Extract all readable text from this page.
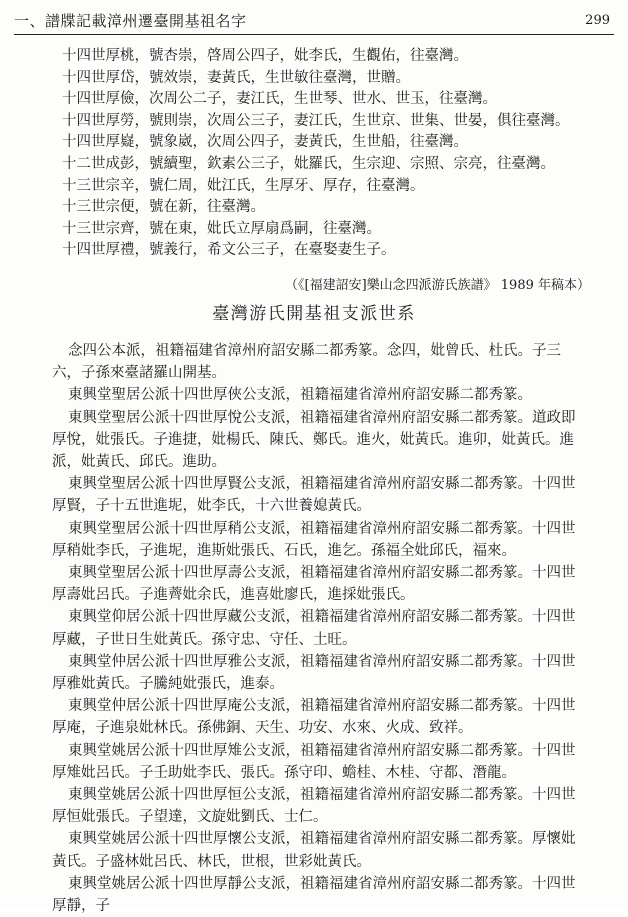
一、譜牒記載漳州遷臺開基祖名字	299
十四世厚桃，號杏崇，啓周公四子，妣李氏，生觀佑，往臺灣。
十四世厚岱，號效崇，妻黃氏，生世敏往臺灣，世贈。
十四世厚儉，次周公二子，妻江氏，生世琴、世水、世玉，往臺灣。
十四世厚勞，號則崇，次周公三子，妻江氏，生世京、世集、世晏，俱往臺灣。
十四世厚嶷，號象崴，次周公四子，妻黃氏，生世船，往臺灣。
十二世成彭，號續聖，欽素公三子，妣羅氏，生宗迎、宗照、宗亮，往臺灣。
十三世宗辛，號仁周，妣江氏，生厚牙、厚存，往臺灣。
十三世宗便，號在新，往臺灣。
十三世宗齊，號在東，妣氏立厚扇爲嗣，往臺灣。
十四世厚禮，號義行，希文公三子，在臺娶妻生子。
（《[福建詔安]樂山念四派游氏族譜》 1989 年稿本）
臺灣游氏開基祖支派世系

念四公本派，祖籍福建省漳州府詔安縣二都秀篆。念四，妣曾氏、杜氏。子三六，子孫來臺諸羅山開基。

東興堂聖居公派十四世厚俠公支派，祖籍福建省漳州府詔安縣二都秀篆。

東興堂聖居公派十四世厚悅公支派，祖籍福建省漳州府詔安縣二都秀篆。道政即厚悅，妣張氏。子進捷，妣楊氏、陳氏、鄭氏。進火，妣黃氏。進卯，妣黃氏。進派，妣黃氏、邱氏。進助。

東興堂聖居公派十四世厚賢公支派，祖籍福建省漳州府詔安縣二都秀篆。十四世厚賢，子十五世進坭，妣李氏，十六世養媳黃氏。

東興堂聖居公派十四世厚稍公支派，祖籍福建省漳州府詔安縣二都秀篆。十四世厚稍妣李氏，子進坭，進斯妣張氏、石氏，進乞。孫福全妣邱氏，福來。

東興堂聖居公派十四世厚壽公支派，祖籍福建省漳州府詔安縣二都秀篆。十四世厚壽妣呂氏。子進薺妣余氏，進喜妣廖氏，進採妣張氏。

東興堂仰居公派十四世厚藏公支派，祖籍福建省漳州府詔安縣二都秀篆。十四世厚藏，子世日生妣黃氏。孫守忠、守任、土旺。

東興堂仲居公派十四世厚雅公支派，祖籍福建省漳州府詔安縣二都秀篆。十四世厚雅妣黃氏。子騰純妣張氏，進泰。

東興堂仲居公派十四世厚庵公支派，祖籍福建省漳州府詔安縣二都秀篆。十四世厚庵，子進泉妣林氏。孫佛銅、天生、功安、水來、火成、致祥。

東興堂姚居公派十四世厚雉公支派，祖籍福建省漳州府詔安縣二都秀篆。十四世厚雉妣呂氏。子壬助妣李氏、張氏。孫守印、蟾桂、木桂、守都、潛龍。

東興堂姚居公派十四世厚恒公支派，祖籍福建省漳州府詔安縣二都秀篆。十四世厚恒妣張氏。子望達，文旋妣劉氏、士仁。

東興堂姚居公派十四世厚懷公支派，祖籍福建省漳州府詔安縣二都秀篆。厚懷妣黃氏。子盛林妣呂氏、林氏，世根，世彩妣黃氏。

東興堂姚居公派十四世厚靜公支派，祖籍福建省漳州府詔安縣二都秀篆。十四世厚靜，子
